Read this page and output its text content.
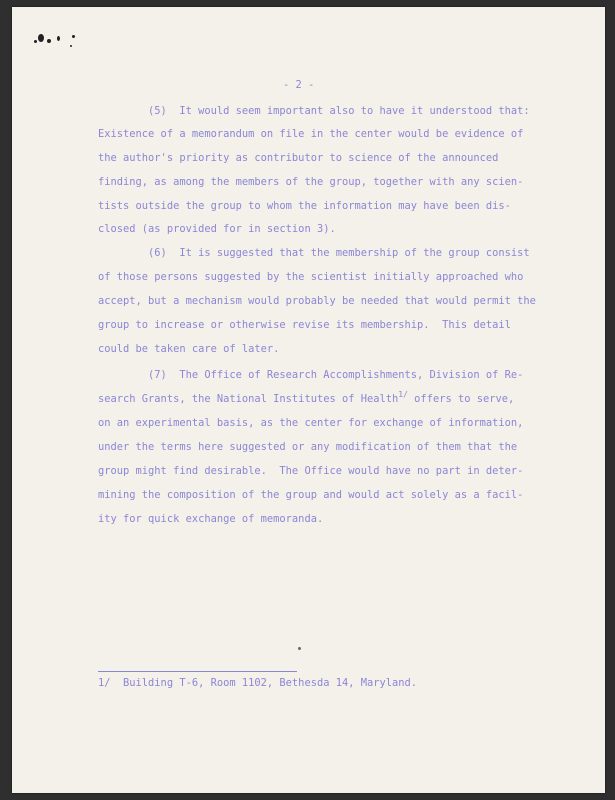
- 2 -

(5)  It would seem important also to have it understood that:

Existence of a memorandum on file in the center would be evidence of

the author's priority as contributor to science of the announced

finding, as among the members of the group, together with any scien-

tists outside the group to whom the information may have been dis-

closed (as provided for in section 3).

(6)  It is suggested that the membership of the group consist

of those persons suggested by the scientist initially approached who

accept, but a mechanism would probably be needed that would permit the

group to increase or otherwise revise its membership.  This detail

could be taken care of later.

(7)  The Office of Research Accomplishments, Division of Re-

search Grants, the National Institutes of Health$^{1/}$ offers to serve,

on an experimental basis, as the center for exchange of information,

under the terms here suggested or any modification of them that the

group might find desirable.  The Office would have no part in deter-

mining the composition of the group and would act solely as a facil-

ity for quick exchange of memoranda.

1/  Building T-6, Room 1102, Bethesda 14, Maryland.
